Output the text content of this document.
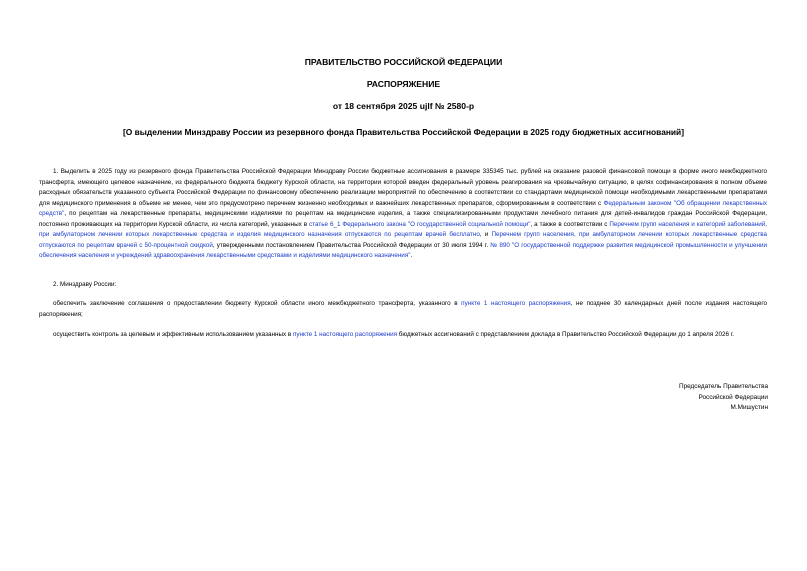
ПРАВИТЕЛЬСТВО РОССИЙСКОЙ ФЕДЕРАЦИИ

РАСПОРЯЖЕНИЕ

от 18 сентября 2025 ujlf № 2580-р

[О выделении Минздраву России из резервного фонда Правительства Российской Федерации в 2025 году бюджетных ассигнований]

1. Выделить в 2025 году из резервного фонда Правительства Российской Федерации Минздраву России бюджетные ассигнования в размере 335345 тыс. рублей на оказание разовой финансовой помощи в форме иного межбюджетного трансферта, имеющего целевое назначение, из федерального бюджета бюджету Курской области, на территории которой введен федеральный уровень реагирования на чрезвычайную ситуацию, в целях софинансирования в полном объеме расходных обязательств указанного субъекта Российской Федерации по финансовому обеспечению реализации мероприятий по обеспечению в соответствии со стандартами медицинской помощи необходимыми лекарственными препаратами для медицинского применения в объеме не менее, чем это предусмотрено перечнем жизненно необходимых и важнейших лекарственных препаратов, сформированным в соответствии с Федеральным законом "Об обращении лекарственных средств", по рецептам на лекарственные препараты, медицинскими изделиями по рецептам на медицинские изделия, а также специализированными продуктами лечебного питания для детей-инвалидов граждан Российской Федерации, постоянно проживающих на территории Курской области, из числа категорий, указанных в статье 6_1 Федерального закона "О государственной социальной помощи", а также в соответствии с Перечнем групп населения и категорий заболеваний, при амбулаторном лечении которых лекарственные средства и изделия медицинского назначения отпускаются по рецептам врачей бесплатно, и Перечнем групп населения, при амбулаторном лечении которых лекарственные средства отпускаются по рецептам врачей с 50-процентной скидкой, утвержденными постановлением Правительства Российской Федерации от 30 июля 1994 г. № 890 "О государственной поддержке развития медицинской промышленности и улучшении обеспечения населения и учреждений здравоохранения лекарственными средствами и изделиями медицинского назначения".

2. Минздраву России:

обеспечить заключение соглашения о предоставлении бюджету Курской области иного межбюджетного трансферта, указанного в пункте 1 настоящего распоряжения, не позднее 30 календарных дней после издания настоящего распоряжения;

осуществить контроль за целевым и эффективным использованием указанных в пункте 1 настоящего распоряжения бюджетных ассигнований с представлением доклада в Правительство Российской Федерации до 1 апреля 2026 г.

Председатель Правительства
Российской Федерации
М.Мишустин
